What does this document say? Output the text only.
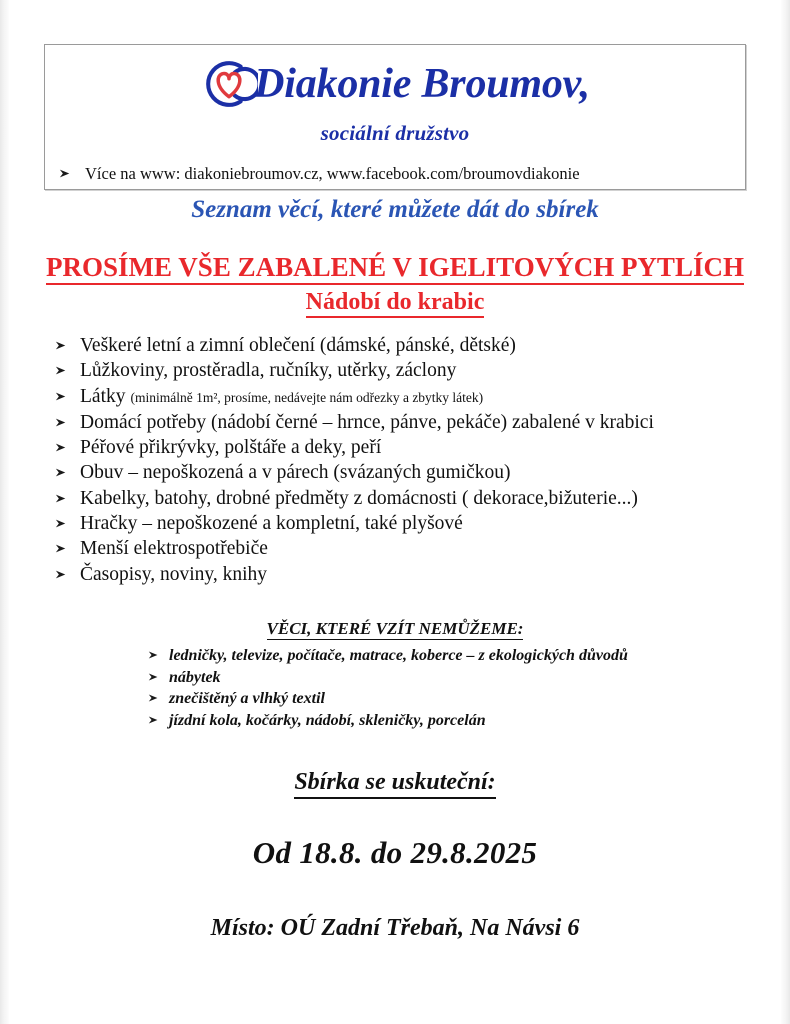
Diakonie Broumov,
sociální družstvo
Více na www: diakoniebroumov.cz, www.facebook.com/broumovdiakonie
Seznam věcí, které můžete dát do sbírek
PROSÍME VŠE ZABALENÉ V IGELITOVÝCH PYTLÍCH
Nádobí do krabic
Veškeré letní a zimní oblečení (dámské, pánské, dětské)
Lůžkoviny, prostěradla, ručníky, utěrky, záclony
Látky (minimálně 1m², prosíme, nedávejte nám odřezky a zbytky látek)
Domácí potřeby (nádobí černé – hrnce, pánve, pekáče) zabalené v krabici
Péřové přikrývky, polštáře a deky, peří
Obuv – nepoškozená a v párech (svázaných gumičkou)
Kabelky, batohy, drobné předměty z domácnosti ( dekorace,bižuterie...)
Hračky – nepoškozené a kompletní, také plyšové
Menší elektrospotřebiče
Časopisy, noviny, knihy
VĚCI, KTERÉ VZÍT NEMŮŽEME:
ledničky, televize, počítače, matrace, koberce – z ekologických důvodů
nábytek
znečištěný a vlhký textil
jízdní kola, kočárky, nádobí, skleničky, porcelán
Sbírka se uskuteční:
Od 18.8. do 29.8.2025
Místo: OÚ Zadní Třebaň, Na Návsi 6
